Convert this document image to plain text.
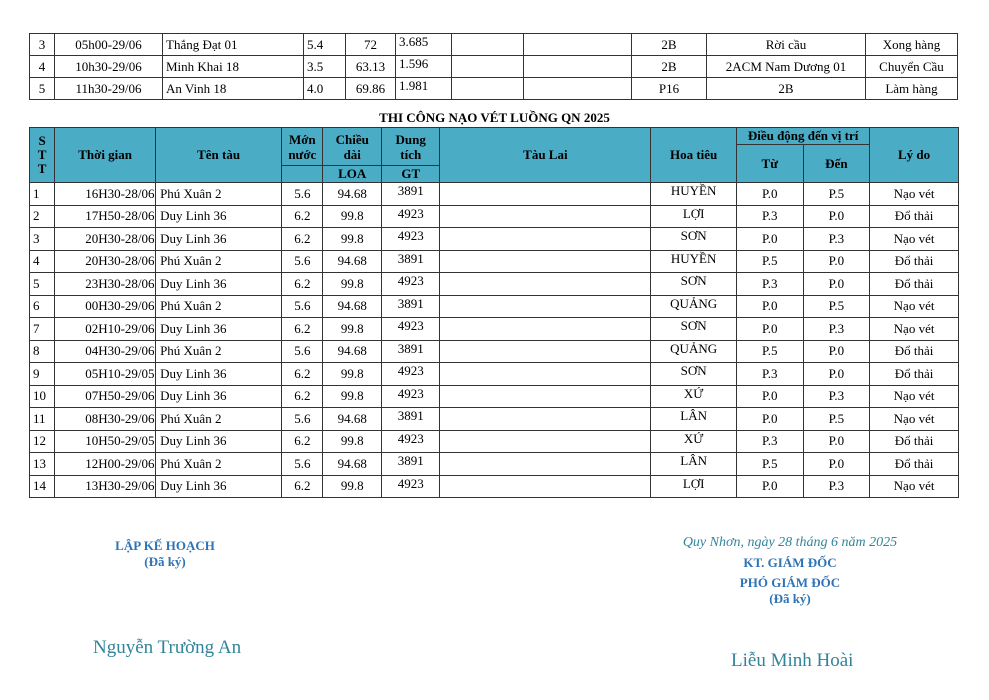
3	05h00-29/06	Thắng Đạt 01	5.4	72	3.685			2B	Rời cầu	Xong hàng
4	10h30-29/06	Minh Khai 18	3.5	63.13	1.596			2B	2ACM Nam Dương 01	Chuyển Cầu
5	11h30-29/06	An Vinh 18	4.0	69.86	1.981			P16	2B	Làm hàng
THI CÔNG NẠO VÉT LUỒNG QN 2025
S T T	Thời gian	Tên tàu	Mớn nước	Chiều dài	Dung tích	Tàu Lai	Hoa tiêu	Điều động đến vị trí		Lý do
								Từ	Đến	
				LOA	GT					
1	16H30-28/06	Phú Xuân 2	5.6	94.68	3891		HUYỀN	P.0	P.5	Nạo vét
2	17H50-28/06	Duy Linh 36	6.2	99.8	4923		LỢI	P.3	P.0	Đổ thải
3	20H30-28/06	Duy Linh 36	6.2	99.8	4923		SƠN	P.0	P.3	Nạo vét
4	20H30-28/06	Phú Xuân 2	5.6	94.68	3891		HUYỀN	P.5	P.0	Đổ thải
5	23H30-28/06	Duy Linh 36	6.2	99.8	4923		SƠN	P.3	P.0	Đổ thải
6	00H30-29/06	Phú Xuân 2	5.6	94.68	3891		QUẢNG	P.0	P.5	Nạo vét
7	02H10-29/06	Duy Linh 36	6.2	99.8	4923		SƠN	P.0	P.3	Nạo vét
8	04H30-29/06	Phú Xuân 2	5.6	94.68	3891		QUẢNG	P.5	P.0	Đổ thải
9	05H10-29/05	Duy Linh 36	6.2	99.8	4923		SƠN	P.3	P.0	Đổ thải
10	07H50-29/06	Duy Linh 36	6.2	99.8	4923		XỨ	P.0	P.3	Nạo vét
11	08H30-29/06	Phú Xuân 2	5.6	94.68	3891		LÂN	P.0	P.5	Nạo vét
12	10H50-29/05	Duy Linh 36	6.2	99.8	4923		XỨ	P.3	P.0	Đổ thải
13	12H00-29/06	Phú Xuân 2	5.6	94.68	3891		LÂN	P.5	P.0	Đổ thải
14	13H30-29/06	Duy Linh 36	6.2	99.8	4923		LỢI	P.0	P.3	Nạo vét
LẬP KẾ HOẠCH
(Đã ký)
Nguyễn Trường An
Quy Nhơn, ngày 28 tháng 6 năm 2025
KT. GIÁM ĐỐC
PHÓ GIÁM ĐỐC
(Đã ký)
Liễu Minh Hoài
